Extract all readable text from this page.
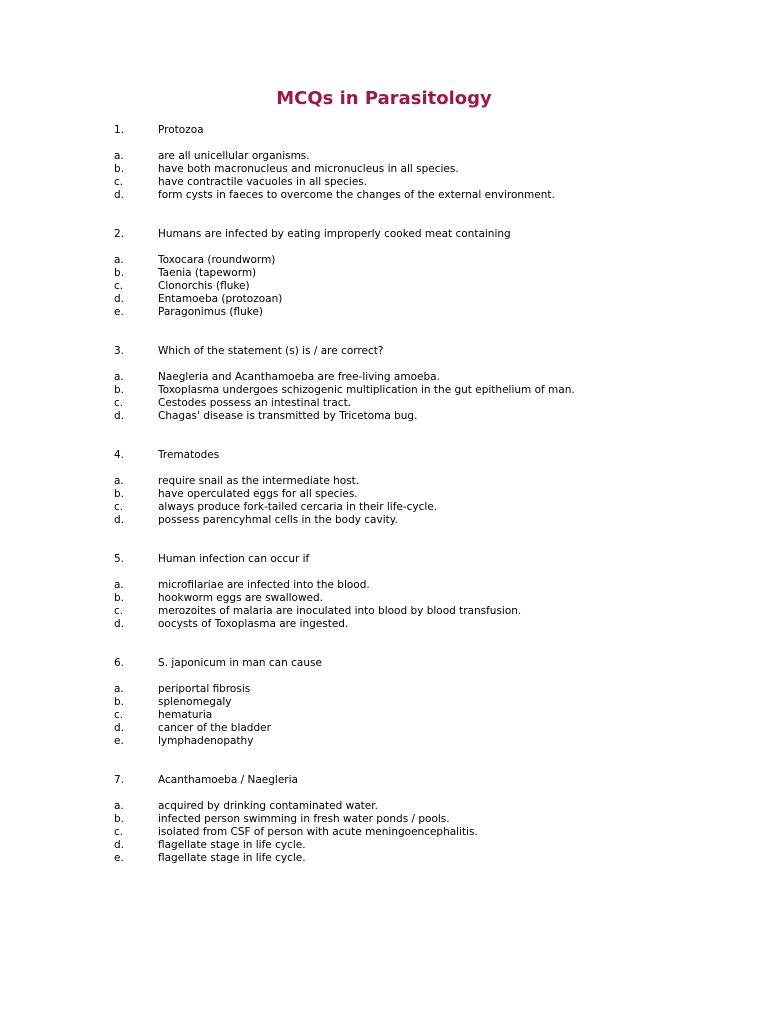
MCQs in Parasitology
1.	Protozoa
a.	are all unicellular organisms.
b.	have both macronucleus and micronucleus in all species.
c.	have contractile vacuoles in all species.
d.	form cysts in faeces to overcome the changes of the external environment.
2.	Humans are infected by eating improperly cooked meat containing
a.	Toxocara (roundworm)
b.	Taenia (tapeworm)
c.	Clonorchis (fluke)
d.	Entamoeba (protozoan)
e.	Paragonimus (fluke)
3.	Which of the statement (s) is / are correct?
a.	Naegleria and Acanthamoeba are free-living amoeba.
b.	Toxoplasma undergoes schizogenic multiplication in the gut epithelium of man.
c.	Cestodes possess an intestinal tract.
d.	Chagas' disease is transmitted by Tricetoma bug.
4.	Trematodes
a.	require snail as the intermediate host.
b.	have operculated eggs for all species.
c.	always produce fork-tailed cercaria in their life-cycle.
d.	possess parencyhmal cells in the body cavity.
5.	Human infection can occur if
a.	microfilariae are infected into the blood.
b.	hookworm eggs are swallowed.
c.	merozoites of malaria are inoculated into blood by blood transfusion.
d.	oocysts of Toxoplasma are ingested.
6.	S. japonicum in man can cause
a.	periportal fibrosis
b.	splenomegaly
c.	hematuria
d.	cancer of the bladder
e.	lymphadenopathy
7.	Acanthamoeba / Naegleria
a.	acquired by drinking contaminated water.
b.	infected person swimming in fresh water ponds / pools.
c.	isolated from CSF of person with acute meningoencephalitis.
d.	flagellate stage in life cycle.
e.	flagellate stage in life cycle.
